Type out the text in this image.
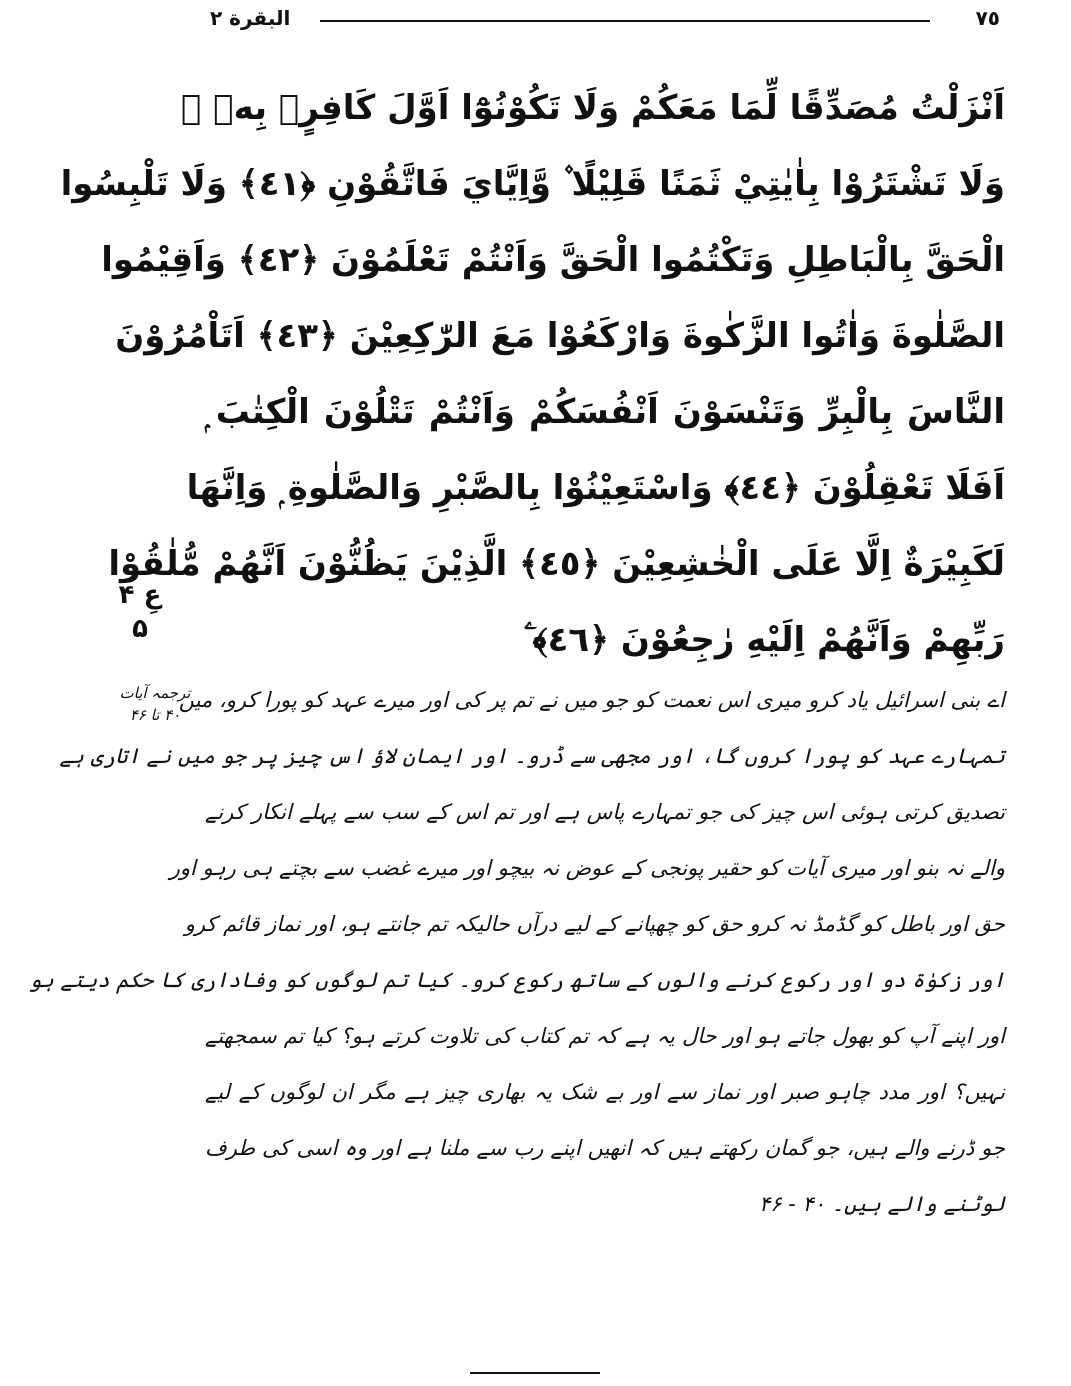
البقرة ٢	٧٥
اَنْزَلْتُ مُصَدِّقًا لِّمَا مَعَكُمْ وَلَا تَكُوْنُوْٓا اَوَّلَ كَافِرٍۢ بِهٖ ۠
وَلَا تَشْتَرُوْا بِاٰيٰتِيْ ثَمَنًا قَلِيْلًا ۫ وَّاِيَّايَ فَاتَّقُوْنِ ﴿٤١﴾ وَلَا تَلْبِسُوا
الْحَقَّ بِالْبَاطِلِ وَتَكْتُمُوا الْحَقَّ وَاَنْتُمْ تَعْلَمُوْنَ ﴿٤٢﴾ وَاَقِيْمُوا
الصَّلٰوةَ وَاٰتُوا الزَّكٰوةَ وَارْكَعُوْا مَعَ الرّٰكِعِيْنَ ﴿٤٣﴾ اَتَاْمُرُوْنَ
النَّاسَ بِالْبِرِّ وَتَنْسَوْنَ اَنْفُسَكُمْ وَاَنْتُمْ تَتْلُوْنَ الْكِتٰبَ ۭ
اَفَلَا تَعْقِلُوْنَ ﴿٤٤﴾ وَاسْتَعِيْنُوْا بِالصَّبْرِ وَالصَّلٰوةِ ۭ وَاِنَّهَا
لَكَبِيْرَةٌ اِلَّا عَلَى الْخٰشِعِيْنَ ﴿٤٥﴾ الَّذِيْنَ يَظُنُّوْنَ اَنَّهُمْ مُّلٰقُوْا
رَبِّهِمْ وَاَنَّهُمْ اِلَيْهِ رٰجِعُوْنَ ﴿٤٦﴾ ۧ
عِ ۴
۵
ترجمہ آیات
۴۰ تا ۴۶
اے بنی اسرائیل یاد کرو میری اس نعمت کو جو میں نے تم پر کی اور میرے عہد کو پورا کرو، میں
تمہارے عہد کو پورا کروں گا، اور مجھی سے ڈرو۔ اور ایمان لاؤ اس چیز پر جو میں نے اتاری ہے
تصدیق کرتی ہوئی اس چیز کی جو تمہارے پاس ہے اور تم اس کے سب سے پہلے انکار کرنے
والے نہ بنو اور میری آیات کو حقیر پونجی کے عوض نہ بیچو اور میرے غضب سے بچتے ہی رہو اور
حق اور باطل کو گڈمڈ نہ کرو حق کو چھپانے کے لیے درآں حالیکہ تم جانتے ہو، اور نماز قائم کرو
اور زکوٰۃ دو اور رکوع کرنے والوں کے ساتھ رکوع کرو۔ کیا تم لوگوں کو وفاداری کا حکم دیتے ہو
اور اپنے آپ کو بھول جاتے ہو اور حال یہ ہے کہ تم کتاب کی تلاوت کرتے ہو؟ کیا تم سمجھتے
نہیں؟ اور مدد چاہو صبر اور نماز سے اور بے شک یہ بھاری چیز ہے مگر ان لوگوں کے لیے
جو ڈرنے والے ہیں، جو گمان رکھتے ہیں کہ انھیں اپنے رب سے ملنا ہے اور وہ اسی کی طرف
لوٹنے والے ہیں۔ ۴۰ - ۴۶
